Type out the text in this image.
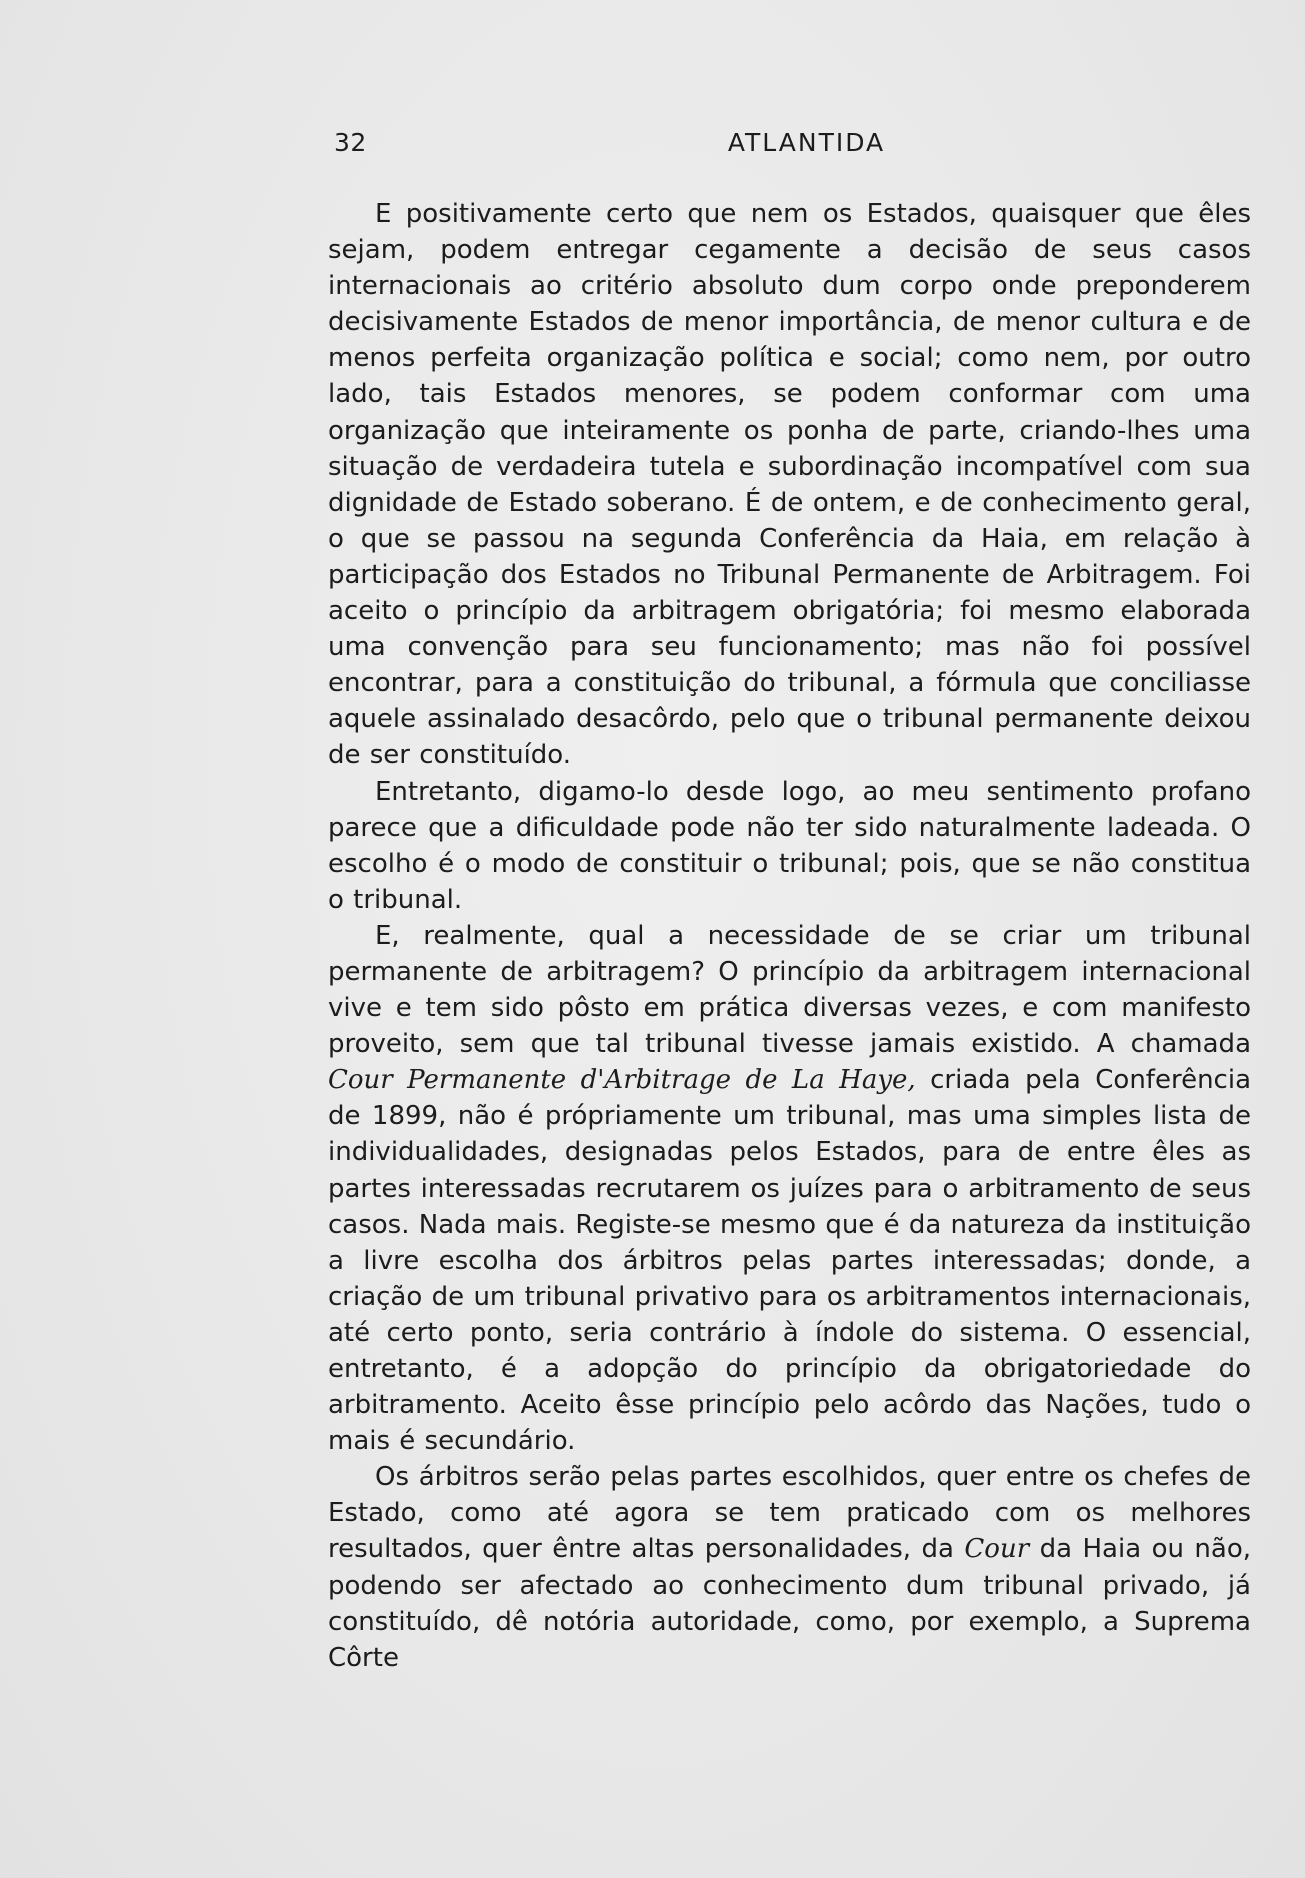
32	ATLANTIDA

E positivamente certo que nem os Estados, quaisquer que êles sejam, podem entregar cegamente a decisão de seus casos internacionais ao critério absoluto dum corpo onde preponderem decisivamente Estados de menor importância, de menor cultura e de menos perfeita organização política e social; como nem, por outro lado, tais Estados menores, se podem conformar com uma organização que inteiramente os ponha de parte, criando-lhes uma situação de verdadeira tutela e subordinação incompatível com sua dignidade de Estado soberano. É de ontem, e de conhecimento geral, o que se passou na segunda Conferência da Haia, em relação à participação dos Estados no Tribunal Permanente de Arbitragem. Foi aceito o princípio da arbitragem obrigatória; foi mesmo elaborada uma convenção para seu funcionamento; mas não foi possível encontrar, para a constituição do tribunal, a fórmula que conciliasse aquele assinalado desacôrdo, pelo que o tribunal permanente deixou de ser constituído.

Entretanto, digamo-lo desde logo, ao meu sentimento profano parece que a dificuldade pode não ter sido naturalmente ladeada. O escolho é o modo de constituir o tribunal; pois, que se não constitua o tribunal.

E, realmente, qual a necessidade de se criar um tribunal permanente de arbitragem? O princípio da arbitragem internacional vive e tem sido pôsto em prática diversas vezes, e com manifesto proveito, sem que tal tribunal tivesse jamais existido. A chamada Cour Permanente d'Arbitrage de La Haye, criada pela Conferência de 1899, não é própriamente um tribunal, mas uma simples lista de individualidades, designadas pelos Estados, para de entre êles as partes interessadas recrutarem os juízes para o arbitramento de seus casos. Nada mais. Registe-se mesmo que é da natureza da instituição a livre escolha dos árbitros pelas partes interessadas; donde, a criação de um tribunal privativo para os arbitramentos internacionais, até certo ponto, seria contrário à índole do sistema. O essencial, entretanto, é a adopção do princípio da obrigatoriedade do arbitramento. Aceito êsse princípio pelo acôrdo das Nações, tudo o mais é secundário.

Os árbitros serão pelas partes escolhidos, quer entre os chefes de Estado, como até agora se tem praticado com os melhores resultados, quer êntre altas personalidades, da Cour da Haia ou não, podendo ser afectado ao conhecimento dum tribunal privado, já constituído, dê notória autoridade, como, por exemplo, a Suprema Côrte
